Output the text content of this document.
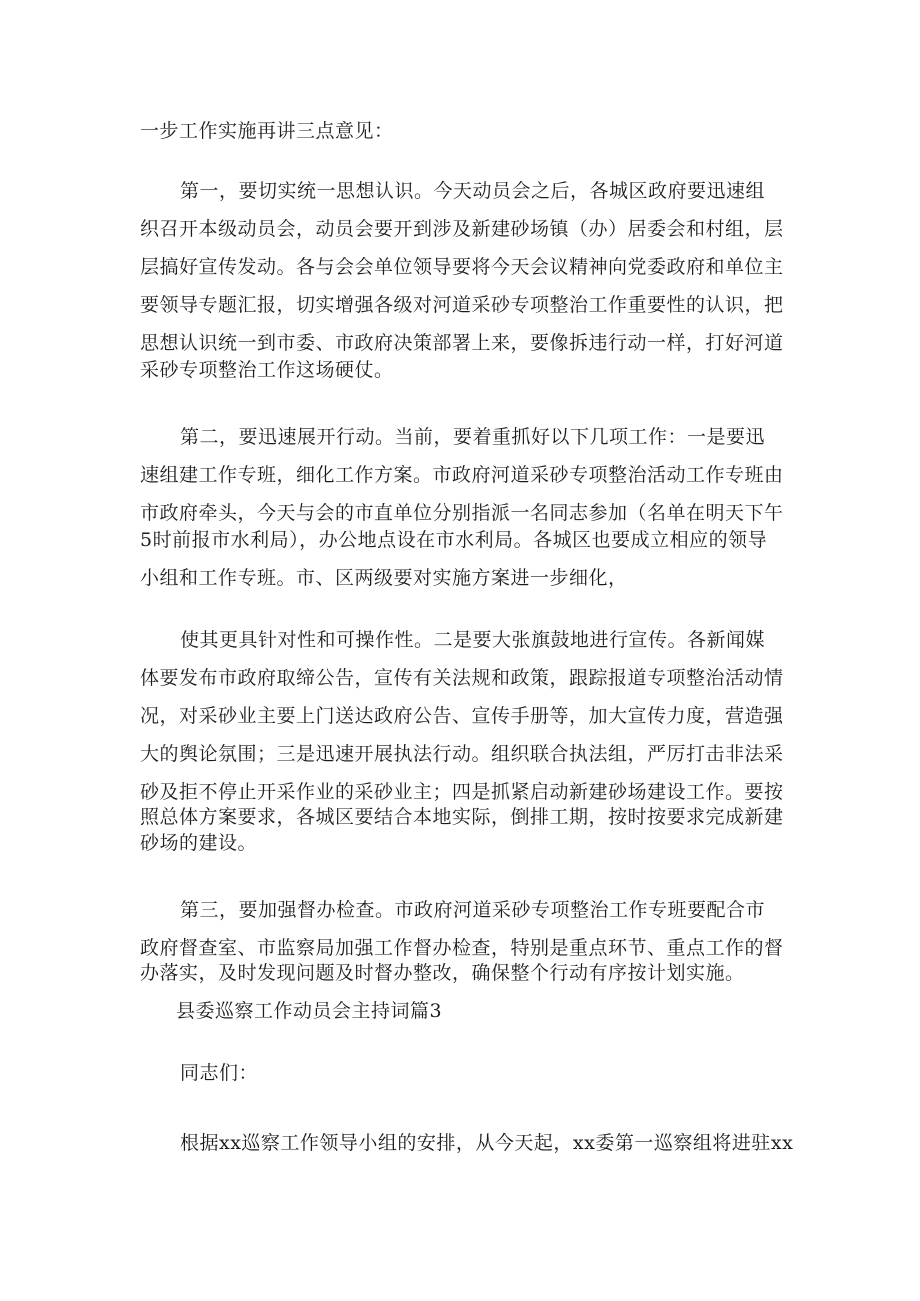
一步工作实施再讲三点意见：
第一，要切实统一思想认识。今天动员会之后，各城区政府要迅速组
织召开本级动员会，动员会要开到涉及新建砂场镇（办）居委会和村组，层
层搞好宣传发动。各与会会单位领导要将今天会议精神向党委政府和单位主
要领导专题汇报，切实增强各级对河道采砂专项整治工作重要性的认识，把
思想认识统一到市委、市政府决策部署上来，要像拆违行动一样，打好河道
采砂专项整治工作这场硬仗。
第二，要迅速展开行动。当前，要着重抓好以下几项工作：一是要迅
速组建工作专班，细化工作方案。市政府河道采砂专项整治活动工作专班由
市政府牵头，今天与会的市直单位分别指派一名同志参加（名单在明天下午
5时前报市水利局），办公地点设在市水利局。各城区也要成立相应的领导
小组和工作专班。市、区两级要对实施方案进一步细化，
使其更具针对性和可操作性。二是要大张旗鼓地进行宣传。各新闻媒
体要发布市政府取缔公告，宣传有关法规和政策，跟踪报道专项整治活动情
况，对采砂业主要上门送达政府公告、宣传手册等，加大宣传力度，营造强
大的舆论氛围；三是迅速开展执法行动。组织联合执法组，严厉打击非法采
砂及拒不停止开采作业的采砂业主；四是抓紧启动新建砂场建设工作。要按
照总体方案要求，各城区要结合本地实际，倒排工期，按时按要求完成新建
砂场的建设。
第三，要加强督办检查。市政府河道采砂专项整治工作专班要配合市
政府督查室、市监察局加强工作督办检查，特别是重点环节、重点工作的督
办落实，及时发现问题及时督办整改，确保整个行动有序按计划实施。
县委巡察工作动员会主持词篇3
同志们：
根据xx巡察工作领导小组的安排，从今天起，xx委第一巡察组将进驻xx
